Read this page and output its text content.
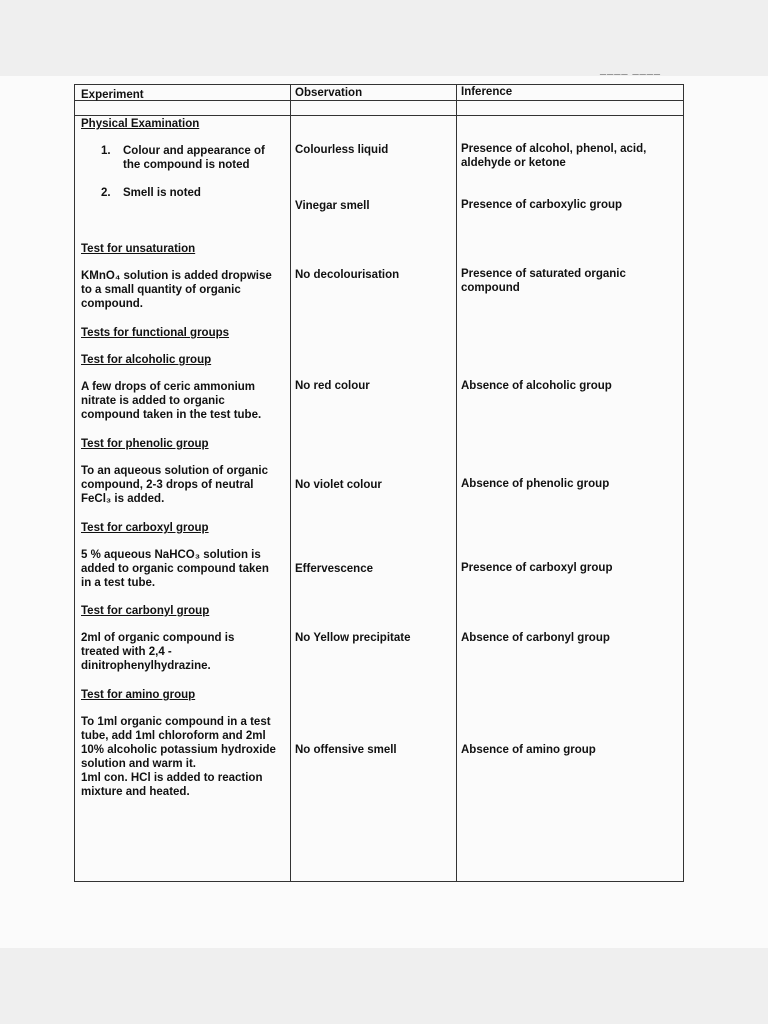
____ ____
Experiment	Observation	Inference
Physical Examination
1. Colour and appearance of
the compound is noted
Colourless liquid	Presence of alcohol, phenol, acid,
aldehyde or ketone
2. Smell is noted
Vinegar smell	Presence of carboxylic group
Test for unsaturation
KMnO₄ solution is added dropwise
to a small quantity of organic
compound.
No decolourisation	Presence of saturated organic
compound
Tests for functional groups
Test for alcoholic group
A few drops of ceric ammonium
nitrate is added to organic
compound taken in the test tube.
No red colour	Absence of alcoholic group
Test for phenolic group
To an aqueous solution of organic
compound, 2-3 drops of neutral
FeCl₃ is added.
No violet colour	Absence of phenolic group
Test for carboxyl group
5 % aqueous NaHCO₃ solution is
added to organic compound taken
in a test tube.
Effervescence	Presence of carboxyl group
Test for carbonyl group
2ml of organic compound is
treated with 2,4 -
dinitrophenylhydrazine.
No Yellow precipitate	Absence of carbonyl group
Test for amino group
To 1ml organic compound in a test
tube, add 1ml chloroform and 2ml
10% alcoholic potassium hydroxide
solution and warm it.
1ml con. HCl is added to reaction
mixture and heated.
No offensive smell	Absence of amino group
